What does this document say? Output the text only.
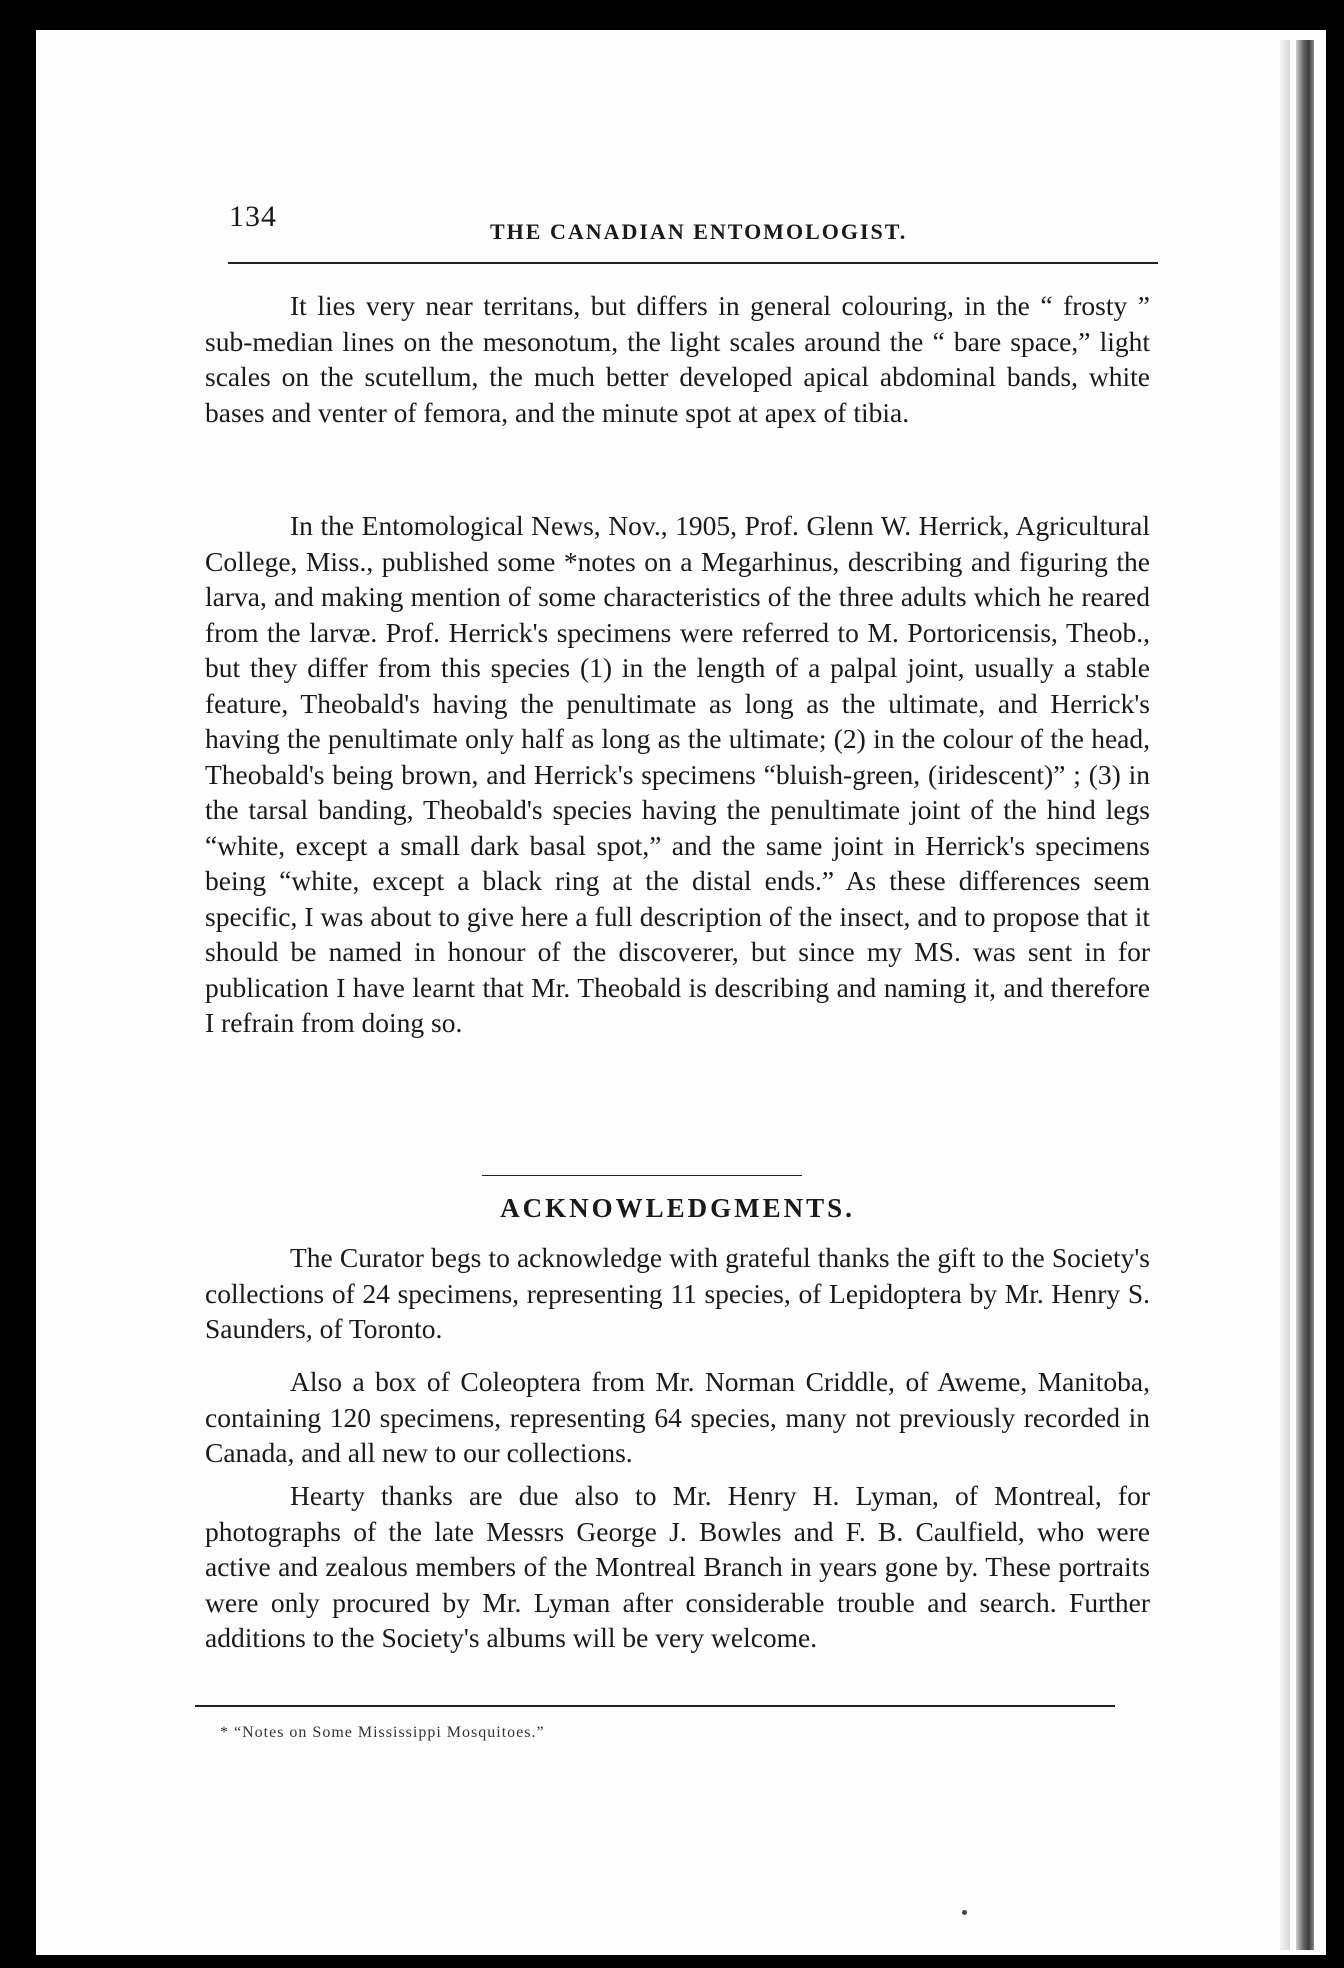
134	THE CANADIAN ENTOMOLOGIST.

It lies very near territans, but differs in general colouring, in the “ frosty ” sub-median lines on the mesonotum, the light scales around the “ bare space,” light scales on the scutellum, the much better developed apical abdominal bands, white bases and venter of femora, and the minute spot at apex of tibia.

In the Entomological News, Nov., 1905, Prof. Glenn W. Herrick, Agricultural College, Miss., published some *notes on a Megarhinus, describing and figuring the larva, and making mention of some characteristics of the three adults which he reared from the larvæ. Prof. Herrick's specimens were referred to M. Portoricensis, Theob., but they differ from this species (1) in the length of a palpal joint, usually a stable feature, Theobald's having the penultimate as long as the ultimate, and Herrick's having the penultimate only half as long as the ultimate; (2) in the colour of the head, Theobald's being brown, and Herrick's specimens “bluish-green, (iridescent)” ; (3) in the tarsal banding, Theobald's species having the penultimate joint of the hind legs “white, except a small dark basal spot,” and the same joint in Herrick's specimens being “white, except a black ring at the distal ends.” As these differences seem specific, I was about to give here a full description of the insect, and to propose that it should be named in honour of the discoverer, but since my MS. was sent in for publication I have learnt that Mr. Theobald is describing and naming it, and therefore I refrain from doing so.

ACKNOWLEDGMENTS.

The Curator begs to acknowledge with grateful thanks the gift to the Society's collections of 24 specimens, representing 11 species, of Lepidoptera by Mr. Henry S. Saunders, of Toronto.

Also a box of Coleoptera from Mr. Norman Criddle, of Aweme, Manitoba, containing 120 specimens, representing 64 species, many not previously recorded in Canada, and all new to our collections.

Hearty thanks are due also to Mr. Henry H. Lyman, of Montreal, for photographs of the late Messrs George J. Bowles and F. B. Caulfield, who were active and zealous members of the Montreal Branch in years gone by. These portraits were only procured by Mr. Lyman after considerable trouble and search. Further additions to the Society's albums will be very welcome.

* “Notes on Some Mississippi Mosquitoes.”
